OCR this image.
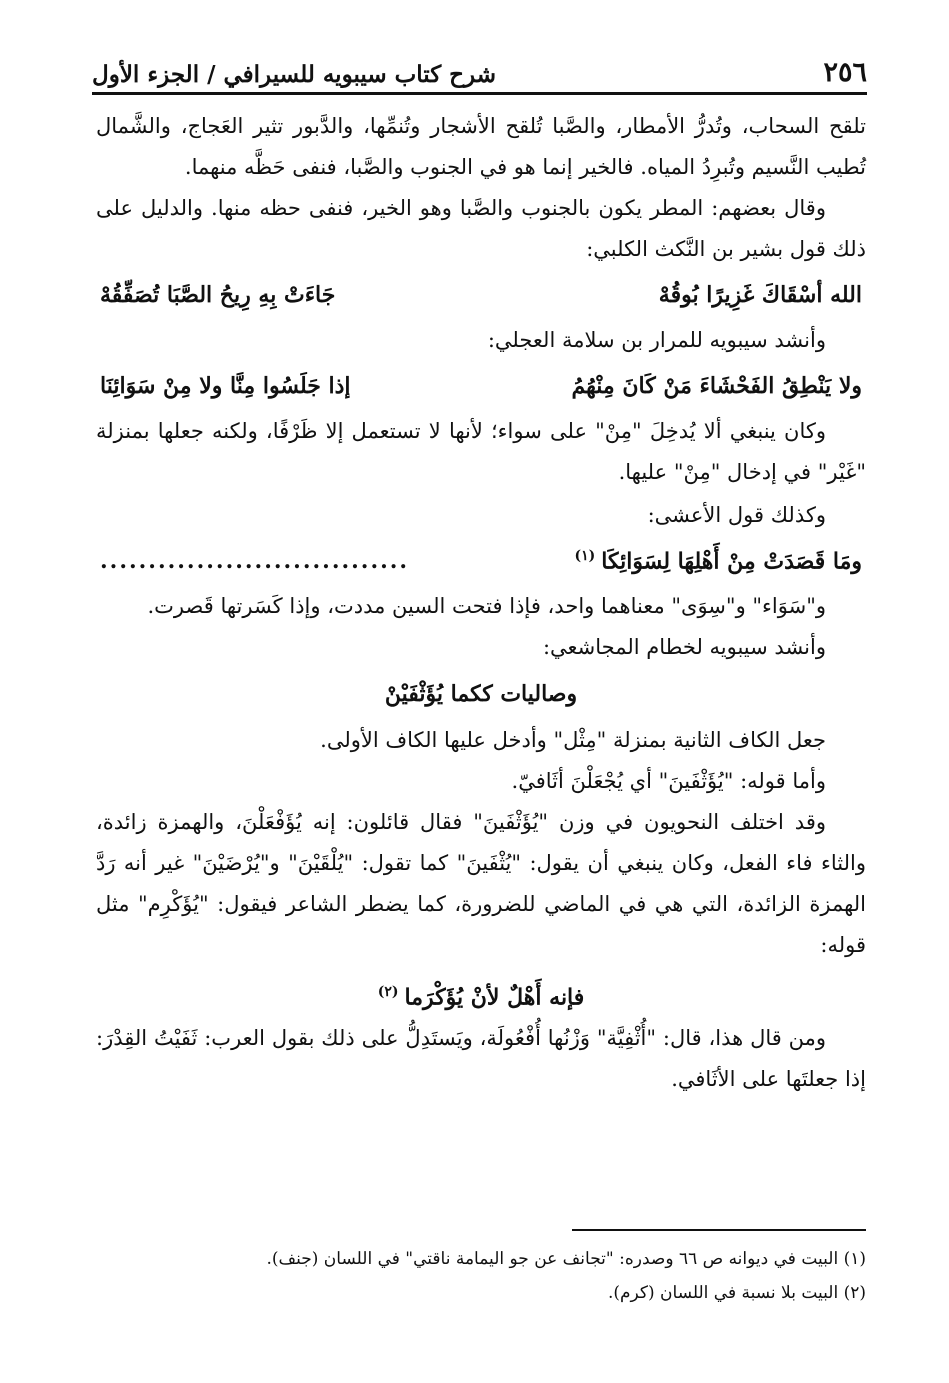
٢٥٦
شرح كتاب سيبويه للسيرافي / الجزء الأول

تلقح السحاب، وتُدرُّ الأمطار، والصَّبا تُلقح الأشجار وتُنمِّها، والدَّبور تثير العَجاج، والشَّمال تُطيب النَّسيم وتُبرِدُ المياه. فالخير إنما هو في الجنوب والصَّبا، فنفى حَظَّه منهما.

وقال بعضهم: المطر يكون بالجنوب والصَّبا وهو الخير، فنفى حظه منها. والدليل على ذلك قول بشير بن النَّكث الكلبي:

الله أسْقَاكَ غَزِيرًا بُوقُهْ
جَاءَتْ بِهِ رِيحُ الصَّبَا تُصَفِّقُهْ

وأنشد سيبويه للمرار بن سلامة العجلي:

ولا يَنْطِقُ الفَحْشَاءَ مَنْ كَانَ مِنْهُمُ
إذا جَلَسُوا مِنَّا ولا مِنْ سَوَائِنَا

وكان ينبغي ألا يُدخِلَ "مِنْ" على سواء؛ لأنها لا تستعمل إلا ظَرْفًا، ولكنه جعلها بمنزلة "غَيْر" في إدخال "مِنْ" عليها.

وكذلك قول الأعشى:

ومَا قَصَدَتْ مِنْ أَهْلِهَا لِسَوَائِكَا$^{(١)}$
................................

و"سَوَاء" و"سِوَى" معناهما واحد، فإذا فتحت السين مددت، وإذا كَسَرتها قَصرت.

وأنشد سيبويه لخطام المجاشعي:

وصاليات ككما يُؤَثْفَيْنْ

جعل الكاف الثانية بمنزلة "مِثْل" وأدخل عليها الكاف الأولى.

وأما قوله: "يُؤَثْفَينَ" أي يُجْعَلْنَ أثَافيّ.

وقد اختلف النحويون في وزن "يُؤَثْفَينَ" فقال قائلون: إنه يُؤَفْعَلْنَ، والهمزة زائدة، والثاء فاء الفعل، وكان ينبغي أن يقول: "يُثْفَينَ" كما تقول: "يُلْقَيْنَ" و"يُرْضَيْنَ" غير أنه رَدَّ الهمزة الزائدة، التي هي في الماضي للضرورة، كما يضطر الشاعر فيقول: "يُؤَكْرِم" مثل قوله:

فإنه أَهْلٌ لأنْ يُؤَكْرَما$^{(٢)}$

ومن قال هذا، قال: "أُثْفِيَّة" وَزْنُها أُفْعُولَة، ويَستَدِلُّ على ذلك بقول العرب: ثَفَيْتُ القِدْرَ: إذا جعلتَها على الأثَافي.

(١) البيت في ديوانه ص ٦٦ وصدره: "تجانف عن جو اليمامة ناقتي" في اللسان (جنف).

(٢) البيت بلا نسبة في اللسان (كرم).
